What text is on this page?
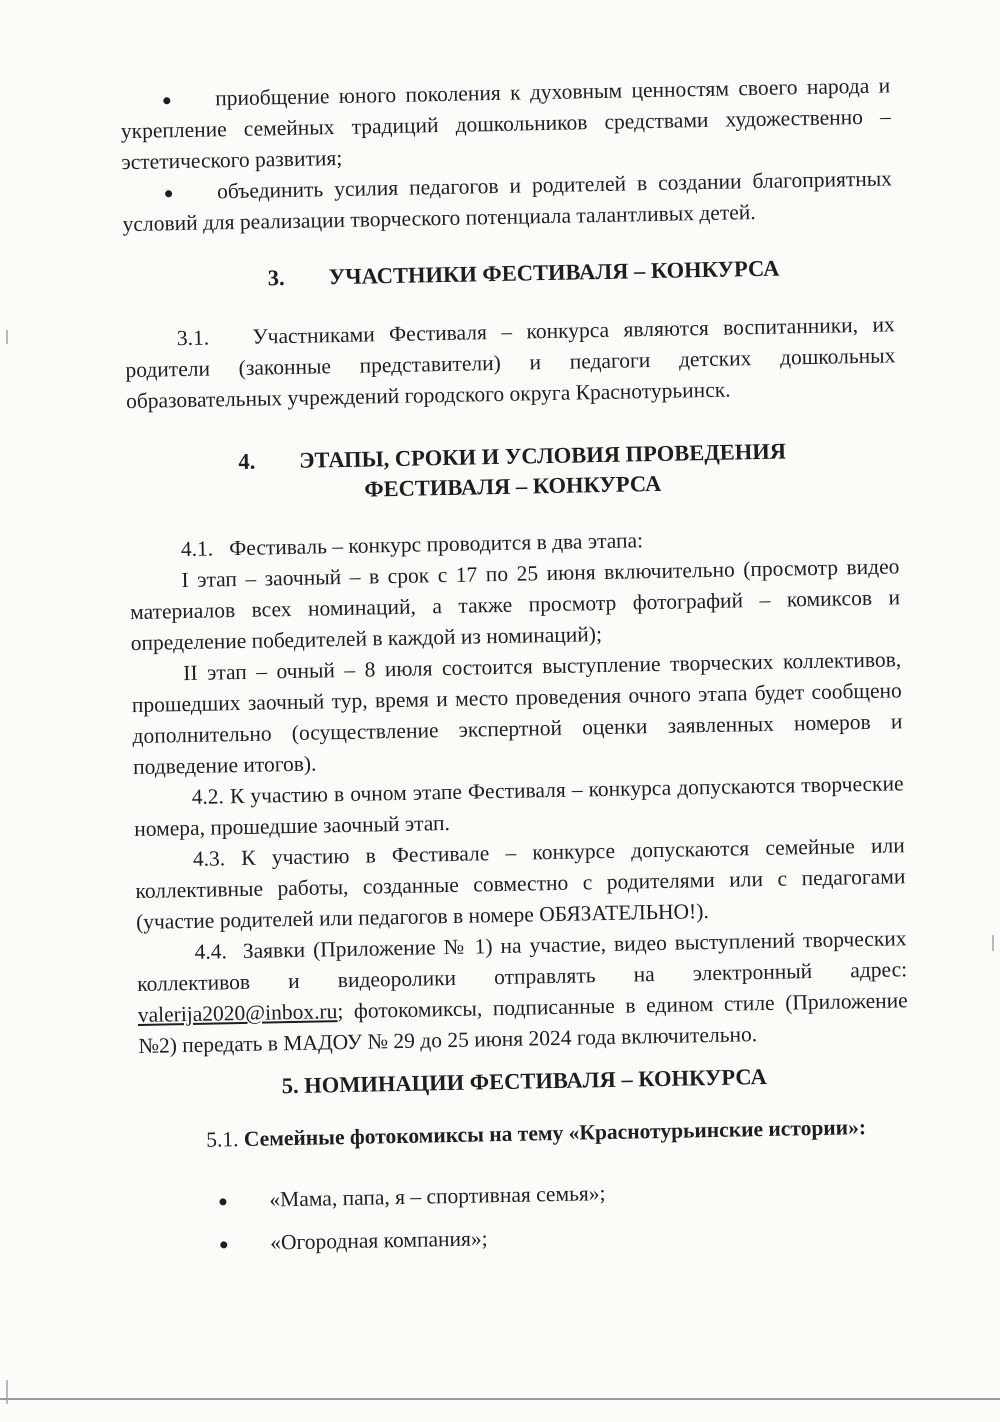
приобщение юного поколения к духовным ценностям своего народа и укрепление семейных традиций дошкольников средствами художественно – эстетического развития;

объединить усилия педагогов и родителей в создании благоприятных условий для реализации творческого потенциала талантливых детей.

3. УЧАСТНИКИ ФЕСТИВАЛЯ – КОНКУРСА

3.1. Участниками Фестиваля – конкурса являются воспитанники, их родители (законные представители) и педагоги детских дошкольных образовательных учреждений городского округа Краснотурьинск.

4. ЭТАПЫ, СРОКИ И УСЛОВИЯ ПРОВЕДЕНИЯ
ФЕСТИВАЛЯ – КОНКУРСА

4.1. Фестиваль – конкурс проводится в два этапа:

I этап – заочный – в срок с 17 по 25 июня включительно (просмотр видео материалов всех номинаций, а также просмотр фотографий – комиксов и определение победителей в каждой из номинаций);

II этап – очный – 8 июля состоится выступление творческих коллективов, прошедших заочный тур, время и место проведения очного этапа будет сообщено дополнительно (осуществление экспертной оценки заявленных номеров и подведение итогов).

4.2. К участию в очном этапе Фестиваля – конкурса допускаются творческие номера, прошедшие заочный этап.

4.3. К участию в Фестивале – конкурсе допускаются семейные или коллективные работы, созданные совместно с родителями или с педагогами (участие родителей или педагогов в номере ОБЯЗАТЕЛЬНО!).

4.4. Заявки (Приложение № 1) на участие, видео выступлений творческих коллективов и видеоролики отправлять на электронный адрес: valerija2020@inbox.ru; фотокомиксы, подписанные в едином стиле (Приложение №2) передать в МАДОУ № 29 до 25 июня 2024 года включительно.

5. НОМИНАЦИИ ФЕСТИВАЛЯ – КОНКУРСА

5.1. Семейные фотокомиксы на тему «Краснотурьинские истории»:

«Мама, папа, я – спортивная семья»;
«Огородная компания»;
